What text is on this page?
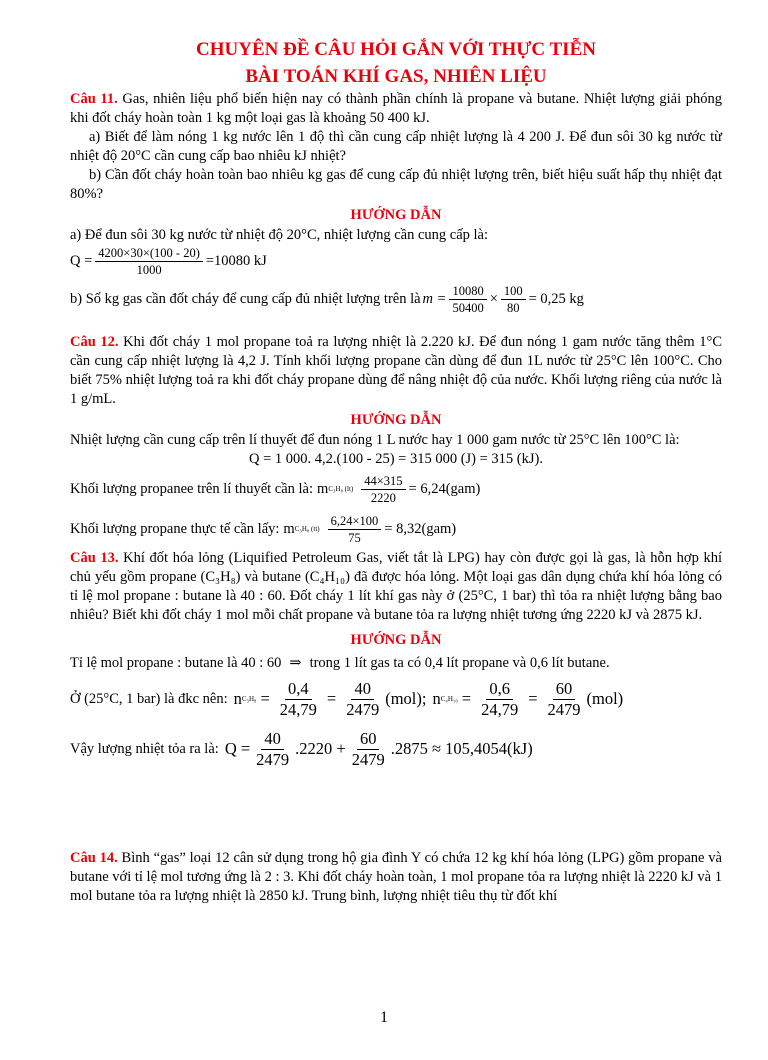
CHUYÊN ĐỀ CÂU HỎI GẮN VỚI THỰC TIỄN
BÀI TOÁN KHÍ GAS, NHIÊN LIỆU

Câu 11. Gas, nhiên liệu phổ biến hiện nay có thành phần chính là propane và butane. Nhiệt lượng giải phóng khi đốt cháy hoàn toàn 1 kg một loại gas là khoảng 50 400 kJ.

a) Biết để làm nóng 1 kg nước lên 1 độ thì cần cung cấp nhiệt lượng là 4 200 J. Để đun sôi 30 kg nước từ nhiệt độ 20°C cần cung cấp bao nhiêu kJ nhiệt?

b) Cần đốt cháy hoàn toàn bao nhiêu kg gas để cung cấp đủ nhiệt lượng trên, biết hiệu suất hấp thụ nhiệt đạt 80%?

HƯỚNG DẪN

a) Để đun sôi 30 kg nước từ nhiệt độ 20°C, nhiệt lượng cần cung cấp là:

$Q = \frac{4200\times 30\times(100 - 20)}{1000} =10080$ kJ
b) Số kg gas cần đốt cháy để cung cấp đủ nhiệt lượng trên là $m = \frac{10080}{50400} \times \frac{100}{80} = 0,25$ kg

Câu 12. Khi đốt cháy 1 mol propane toả ra lượng nhiệt là 2.220 kJ. Để đun nóng 1 gam nước tăng thêm 1°C cần cung cấp nhiệt lượng là 4,2 J. Tính khối lượng propane cần dùng để đun 1L nước từ 25°C lên 100°C. Cho biết 75% nhiệt lượng toả ra khi đốt cháy propane dùng để nâng nhiệt độ của nước. Khối lượng riêng của nước là 1 g/mL.

HƯỚNG DẪN

Nhiệt lượng cần cung cấp trên lí thuyết để đun nóng 1 L nước hay 1 000 gam nước từ 25°C lên 100°C là:

Q = 1 000. 4,2.(100 - 25) = 315 000 (J) = 315 (kJ).

Khối lượng propanee trên lí thuyết cần là: m C₃H₈ $(lt) \frac{44\times 315}{2220} = 6,24(gam)$
Khối lượng propane thực tế cần lấy: m C₃H₈ $(tt) \frac{6,24\times 100}{75} = 8,32(gam)$

Câu 13. Khí đốt hóa lỏng (Liquified Petroleum Gas, viết tắt là LPG) hay còn được gọi là gas, là hỗn hợp khí chủ yếu gồm propane (C₃H₈) và butane (C₄H₁₀) đã được hóa lỏng. Một loại gas dân dụng chứa khí hóa lỏng có tỉ lệ mol propane : butane là 40 : 60. Đốt cháy 1 lít khí gas này ở (25°C, 1 bar) thì tỏa ra nhiệt lượng bằng bao nhiêu? Biết khi đốt cháy 1 mol mỗi chất propane và butane tỏa ra lượng nhiệt tương ứng 2220 kJ và 2875 kJ.

HƯỚNG DẪN
Tỉ lệ mol propane : butane là 40 : 60 ⇒ trong 1 lít gas ta có 0,4 lít propane và 0,6 lít butane.
Ở (25°C, 1 bar) là đkc nên: n $C_3H_8 = \frac{0,4}{24,79} = \frac{40}{2479} (mol)$; n $C_4H_{10} = \frac{0,6}{24,79} = \frac{60}{2479} (mol)$
Vậy lượng nhiệt tỏa ra là: $Q = \frac{40}{2479} .2220 + \frac{60}{2479} .2875 \approx 105,4054(kJ)$

Câu 14. Bình “gas” loại 12 cân sử dụng trong hộ gia đình Y có chứa 12 kg khí hóa lỏng (LPG) gồm propane và butane với tỉ lệ mol tương ứng là 2 : 3. Khi đốt cháy hoàn toàn, 1 mol propane tỏa ra lượng nhiệt là 2220 kJ và 1 mol butane tỏa ra lượng nhiệt là 2850 kJ. Trung bình, lượng nhiệt tiêu thụ từ đốt khí

1
